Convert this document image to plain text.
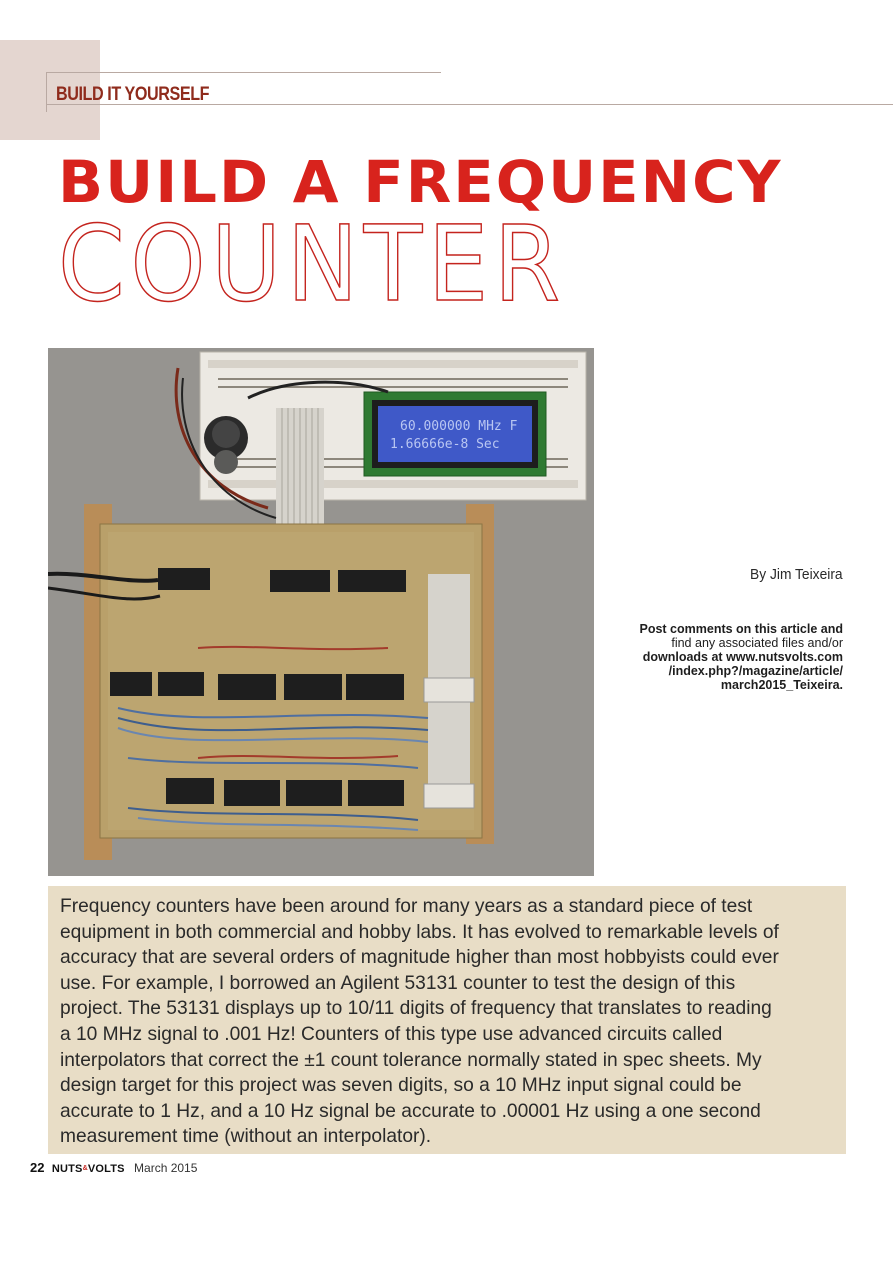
BUILD IT YOURSELF
BUILD A FREQUENCY
COUNTER
60.000000 MHz F
1.66666e-8 Sec
By Jim Teixeira
Post comments on this article and
find any associated files and/or
downloads at www.nutsvolts.com
/index.php?/magazine/article/
march2015_Teixeira.
Frequency counters have been around for many years as a standard piece of test
equipment in both commercial and hobby labs. It has evolved to remarkable levels of
accuracy that are several orders of magnitude higher than most hobbyists could ever
use. For example, I borrowed an Agilent 53131 counter to test the design of this
project. The 53131 displays up to 10/11 digits of frequency that translates to reading
a 10 MHz signal to .001 Hz! Counters of this type use advanced circuits called
interpolators that correct the ±1 count tolerance normally stated in spec sheets. My
design target for this project was seven digits, so a 10 MHz input signal could be
accurate to 1 Hz, and a 10 Hz signal be accurate to .00001 Hz using a one second
measurement time (without an interpolator).
22 NUTS&VOLTS March 2015
